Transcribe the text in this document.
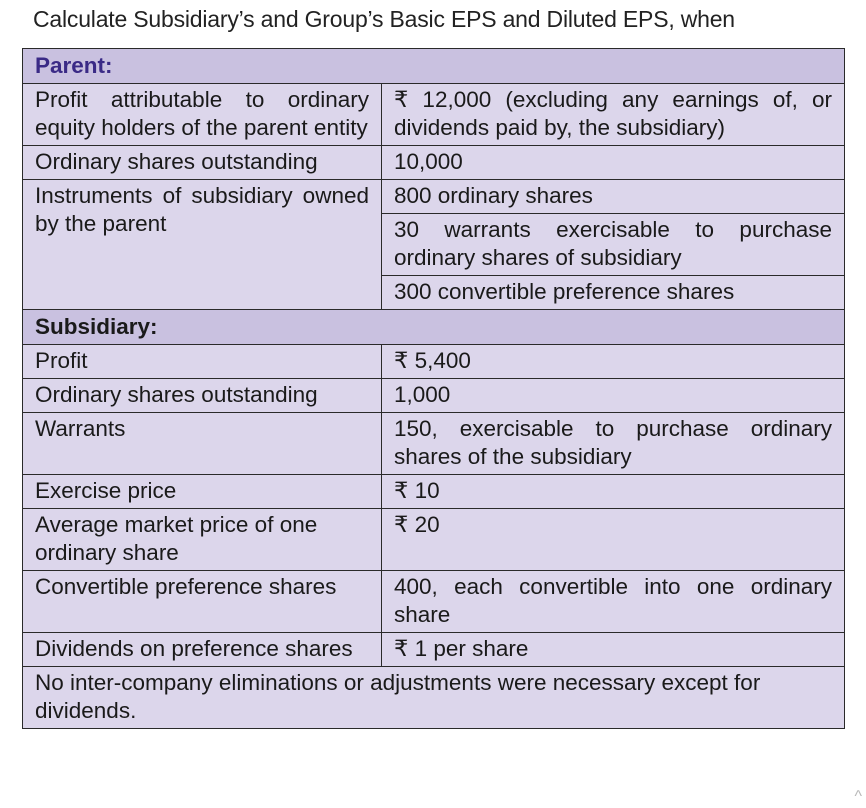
Calculate Subsidiary’s and Group’s Basic EPS and Diluted EPS, when
Parent:	
Profit attributable to ordinary equity holders of the parent entity	₹ 12,000 (excluding any earnings of, or dividends paid by, the subsidiary)
Ordinary shares outstanding	10,000
Instruments of subsidiary owned by the parent	800 ordinary shares
	30 warrants exercisable to purchase ordinary shares of subsidiary
	300 convertible preference shares
Subsidiary:	
Profit	₹ 5,400
Ordinary shares outstanding	1,000
Warrants	150, exercisable to purchase ordinary shares of the subsidiary
Exercise price	₹ 10
Average market price of one ordinary share	₹ 20
Convertible preference shares	400, each convertible into one ordinary share
Dividends on preference shares	₹ 1 per share
No inter-company eliminations or adjustments were necessary except for dividends.	
^
